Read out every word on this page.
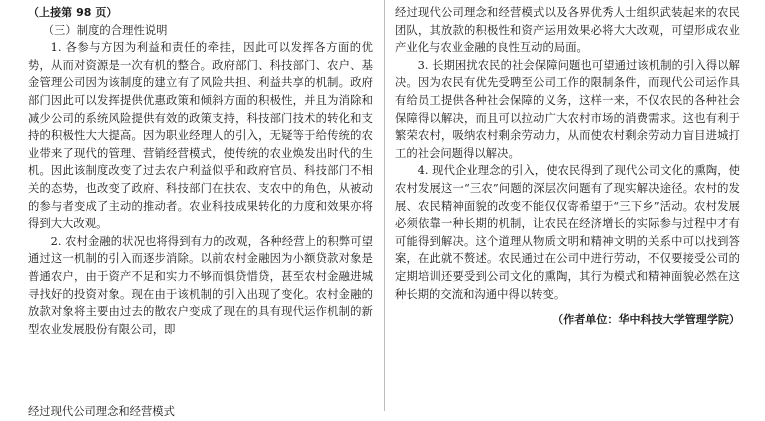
（上接第 98 页）

（三）制度的合理性说明

1. 各参与方因为利益和责任的牵挂，因此可以发挥各方面的优势，从而对资源是一次有机的整合。政府部门、科技部门、农户、基金管理公司因为该制度的建立有了风险共担、利益共享的机制。政府部门因此可以发挥提供优惠政策和倾斜方面的积极性，并且为消除和减少公司的系统风险提供有效的政策支持，科技部门技术的转化和支持的积极性大大提高。因为职业经理人的引入，无疑等于给传统的农业带来了现代的管理、营销经营模式，使传统的农业焕发出时代的生机。因此该制度改变了过去农户利益似乎和政府官员、科技部门不相关的态势，也改变了政府、科技部门在扶农、支农中的角色，从被动的参与者变成了主动的推动者。农业科技成果转化的力度和效果亦将得到大大改观。

2. 农村金融的状况也将得到有力的改观，各种经营上的积弊可望通过这一机制的引入而逐步消除。以前农村金融因为小额贷款对象是普通农户，由于资产不足和实力不够而惧贷惜贷，甚至农村金融进城寻找好的投资对象。现在由于该机制的引入出现了变化。农村金融的放款对象将主要由过去的散农户变成了现在的具有现代运作机制的新型农业发展股份有限公司，即

经过现代公司理念和经营模式以及各界优秀人士组织武装起来的农民团队，其放款的积极性和资产运用效果必将大大改观，可望形成农业产业化与农业金融的良性互动的局面。

3. 长期困扰农民的社会保障问题也可望通过该机制的引入得以解决。因为农民有优先受聘至公司工作的限制条件，而现代公司运作具有给员工提供各种社会保障的义务，这样一来，不仅农民的各种社会保障得以解决，而且可以拉动广大农村市场的消费需求。这也有利于繁荣农村，吸纳农村剩余劳动力，从而使农村剩余劳动力盲目进城打工的社会问题得以解决。

4. 现代企业理念的引入，使农民得到了现代公司文化的熏陶，使农村发展这一“三农”问题的深层次问题有了现实解决途径。农村的发展、农民精神面貌的改变不能仅仅寄希望于“三下乡”活动。农村发展必须依靠一种长期的机制，让农民在经济增长的实际参与过程中才有可能得到解决。这个道理从物质文明和精神文明的关系中可以找到答案，在此就不赘述。农民通过在公司中进行劳动，不仅要接受公司的定期培训还要受到公司文化的熏陶，其行为模式和精神面貌必然在这种长期的交流和沟通中得以转变。

（作者单位：华中科技大学管理学院）

经过现代公司理念和经营模式
